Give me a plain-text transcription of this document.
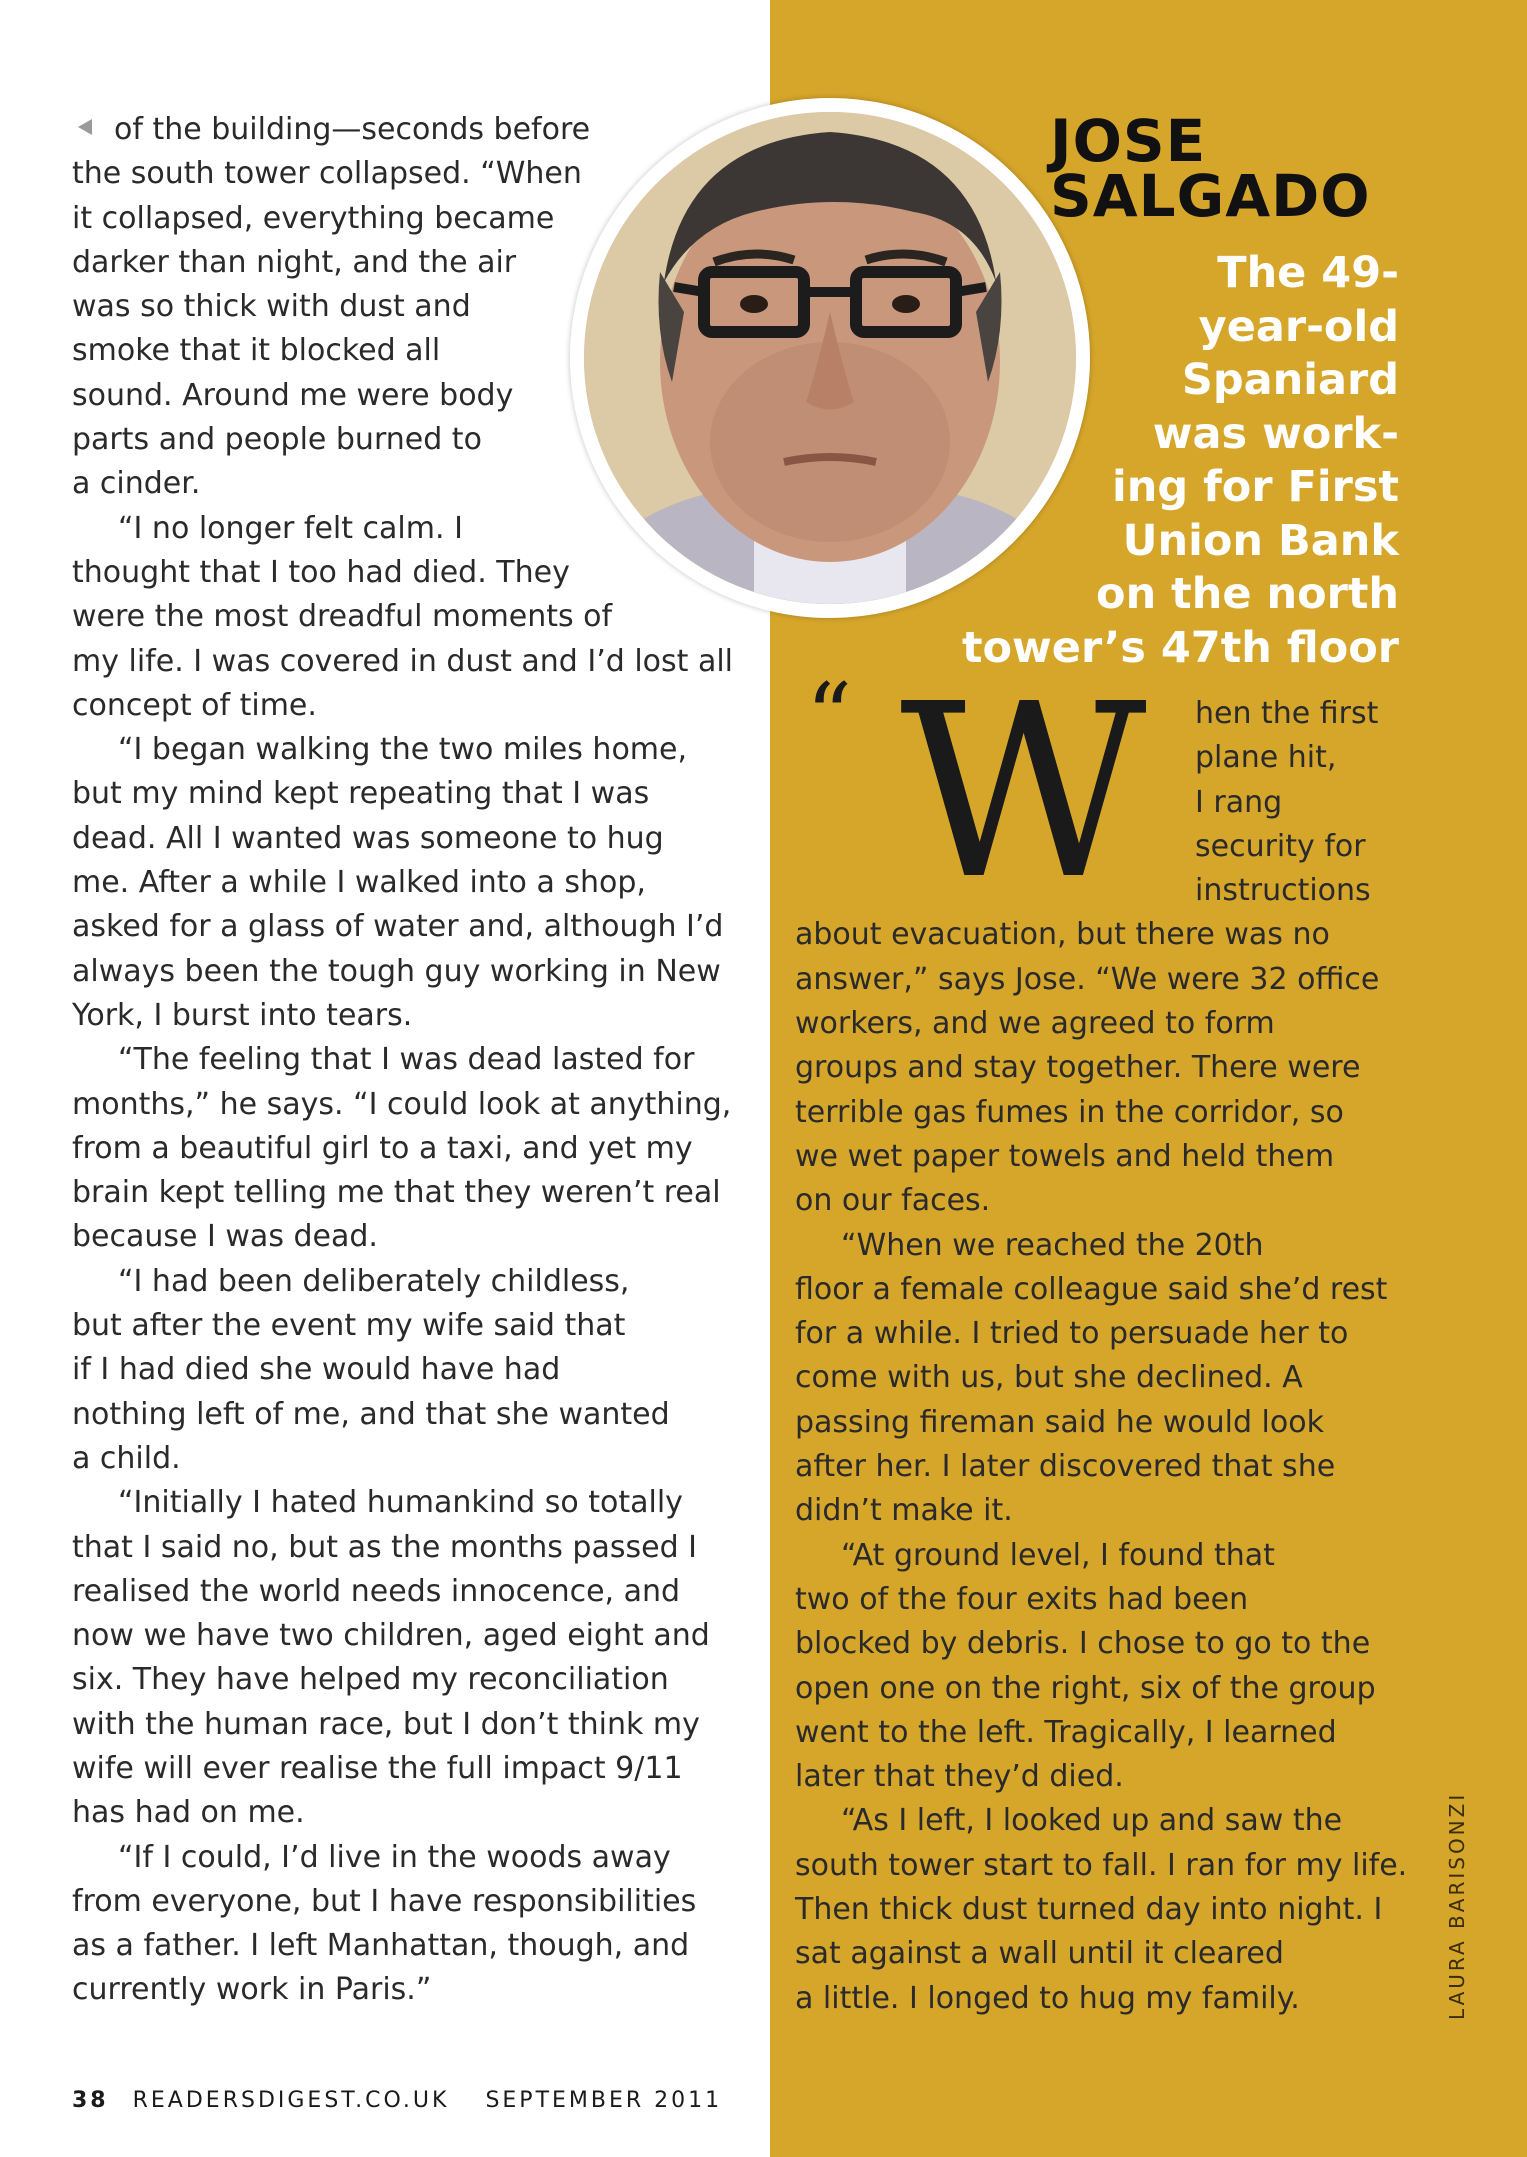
of the building—seconds before
the south tower collapsed. “When
it collapsed, everything became
darker than night, and the air
was so thick with dust and
smoke that it blocked all
sound. Around me were body
parts and people burned to
a cinder.
“I no longer felt calm. I
thought that I too had died. They
were the most dreadful moments of
my life. I was covered in dust and I’d lost all
concept of time.
“I began walking the two miles home,
but my mind kept repeating that I was
dead. All I wanted was someone to hug
me. After a while I walked into a shop,
asked for a glass of water and, although I’d
always been the tough guy working in New
York, I burst into tears.
“The feeling that I was dead lasted for
months,” he says. “I could look at anything,
from a beautiful girl to a taxi, and yet my
brain kept telling me that they weren’t real
because I was dead.
“I had been deliberately childless,
but after the event my wife said that
if I had died she would have had
nothing left of me, and that she wanted
a child.
“Initially I hated humankind so totally
that I said no, but as the months passed I
realised the world needs innocence, and
now we have two children, aged eight and
six. They have helped my reconciliation
with the human race, but I don’t think my
wife will ever realise the full impact 9/11
has had on me.
“If I could, I’d live in the woods away
from everyone, but I have responsibilities
as a father. I left Manhattan, though, and
currently work in Paris.”
JOSE
SALGADO
The 49-
year-old
Spaniard
was work-
ing for First
Union Bank
on the north
tower’s 47th floor
“ W	hen the first
plane hit,
I rang
security for
instructions
about evacuation, but there was no
answer,” says Jose. “We were 32 office
workers, and we agreed to form
groups and stay together. There were
terrible gas fumes in the corridor, so
we wet paper towels and held them
on our faces.
“When we reached the 20th
floor a female colleague said she’d rest
for a while. I tried to persuade her to
come with us, but she declined. A
passing fireman said he would look
after her. I later discovered that she
didn’t make it.
“At ground level, I found that
two of the four exits had been
blocked by debris. I chose to go to the
open one on the right, six of the group
went to the left. Tragically, I learned
later that they’d died.
“As I left, I looked up and saw the
south tower start to fall. I ran for my life.
Then thick dust turned day into night. I
sat against a wall until it cleared
a little. I longed to hug my family.
38 READERSDIGEST.CO.UK SEPTEMBER 2011
LAURA BARISONZI
